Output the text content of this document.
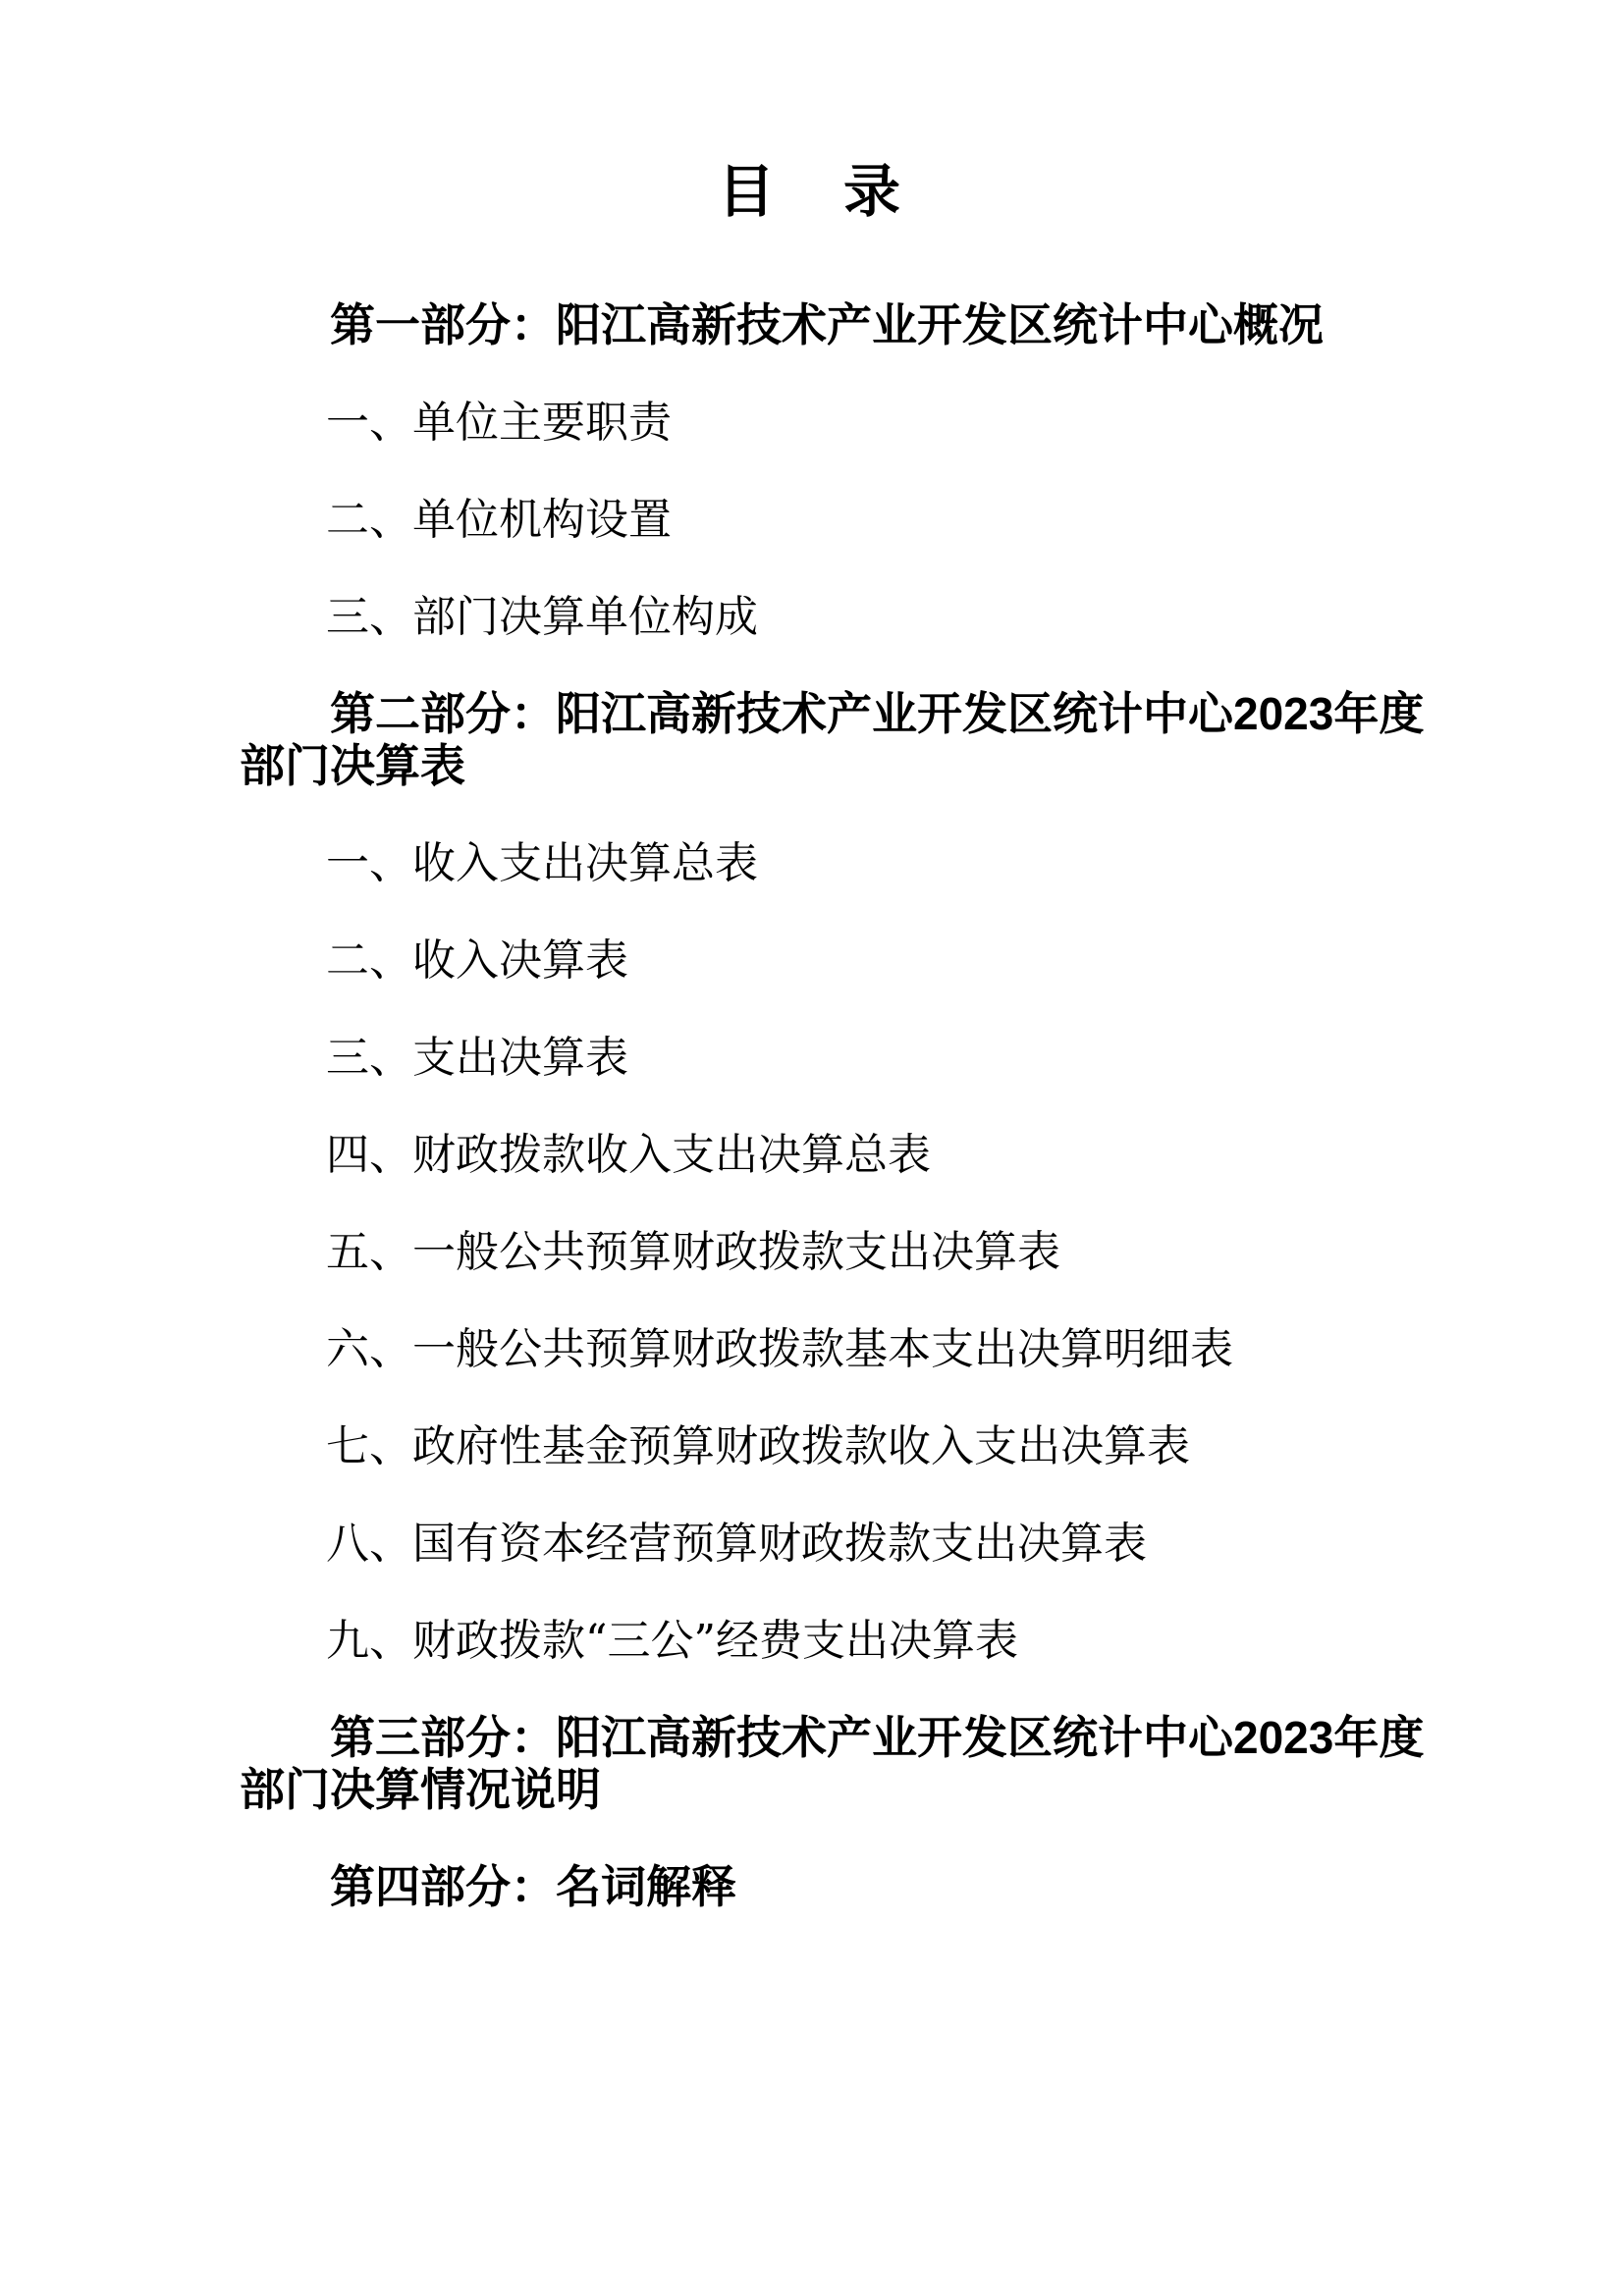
目　录
第一部分：阳江高新技术产业开发区统计中心概况
一、单位主要职责
二、单位机构设置
三、部门决算单位构成
第二部分：阳江高新技术产业开发区统计中心2023年度
部门决算表
一、收入支出决算总表
二、收入决算表
三、支出决算表
四、财政拨款收入支出决算总表
五、一般公共预算财政拨款支出决算表
六、一般公共预算财政拨款基本支出决算明细表
七、政府性基金预算财政拨款收入支出决算表
八、国有资本经营预算财政拨款支出决算表
九、财政拨款“三公”经费支出决算表
第三部分：阳江高新技术产业开发区统计中心2023年度
部门决算情况说明
第四部分：名词解释
